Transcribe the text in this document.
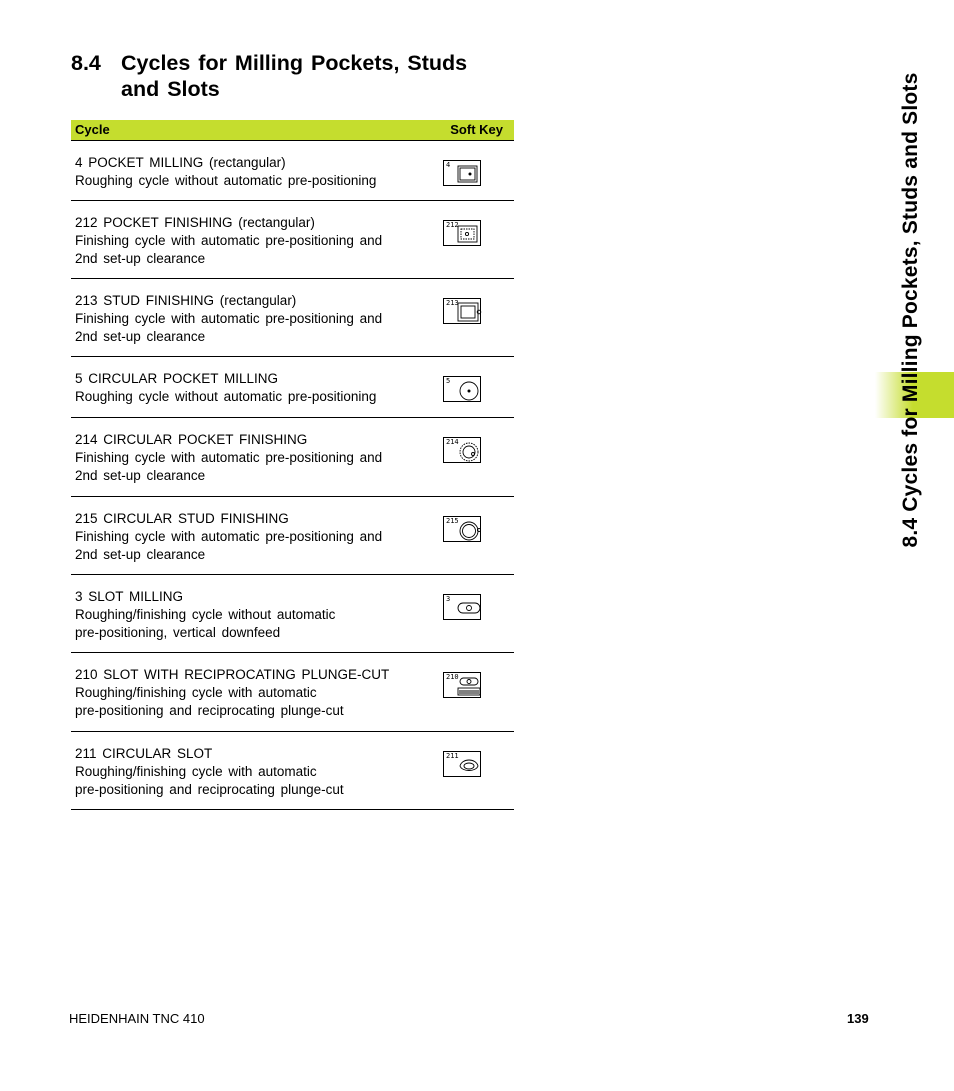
8.4 Cycles for Milling Pockets, Studs and Slots
Cycle	Soft Key
4 POCKET MILLING (rectangular)
Roughing cycle without automatic pre-positioning
4
212 POCKET FINISHING (rectangular)
Finishing cycle with automatic pre-positioning and
2nd set-up clearance
212
213 STUD FINISHING (rectangular)
Finishing cycle with automatic pre-positioning and
2nd set-up clearance
213
5 CIRCULAR POCKET MILLING
Roughing cycle without automatic pre-positioning
5
214 CIRCULAR POCKET FINISHING
Finishing cycle with automatic pre-positioning and
2nd set-up clearance
214
215 CIRCULAR STUD FINISHING
Finishing cycle with automatic pre-positioning and
2nd set-up clearance
215
3 SLOT MILLING
Roughing/finishing cycle without automatic
pre-positioning, vertical downfeed
3
210 SLOT WITH RECIPROCATING PLUNGE-CUT
Roughing/finishing cycle with automatic
pre-positioning and reciprocating plunge-cut
210
211 CIRCULAR SLOT
Roughing/finishing cycle with automatic
pre-positioning and reciprocating plunge-cut
211
8.4 Cycles for Milling Pockets, Studs and Slots
HEIDENHAIN TNC 410	139
